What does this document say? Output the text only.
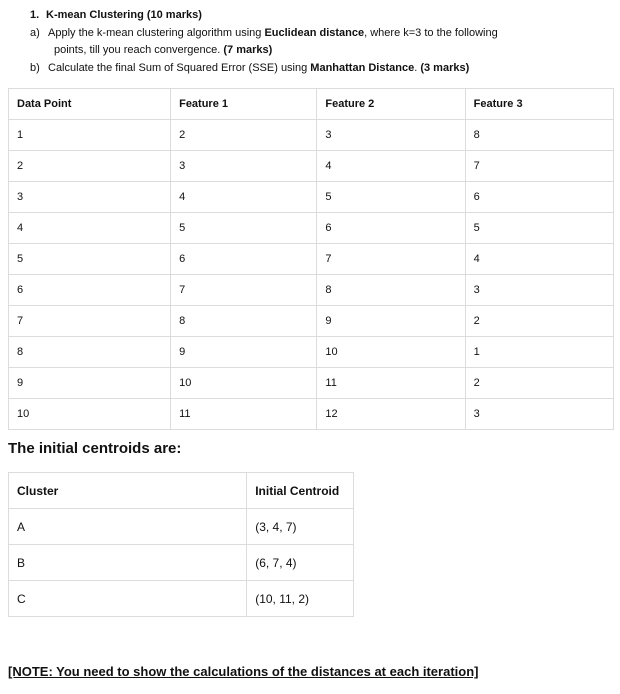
1. K-mean Clustering (10 marks)
a) Apply the k-mean clustering algorithm using Euclidean distance, where k=3 to the following
points, till you reach convergence. (7 marks)
b) Calculate the final Sum of Squared Error (SSE) using Manhattan Distance. (3 marks)
Data Point	Feature 1	Feature 2	Feature 3
1	2	3	8
2	3	4	7
3	4	5	6
4	5	6	5
5	6	7	4
6	7	8	3
7	8	9	2
8	9	10	1
9	10	11	2
10	11	12	3
The initial centroids are:
Cluster	Initial Centroid
A	(3, 4, 7)
B	(6, 7, 4)
C	(10, 11, 2)
[NOTE: You need to show the calculations of the distances at each iteration]
